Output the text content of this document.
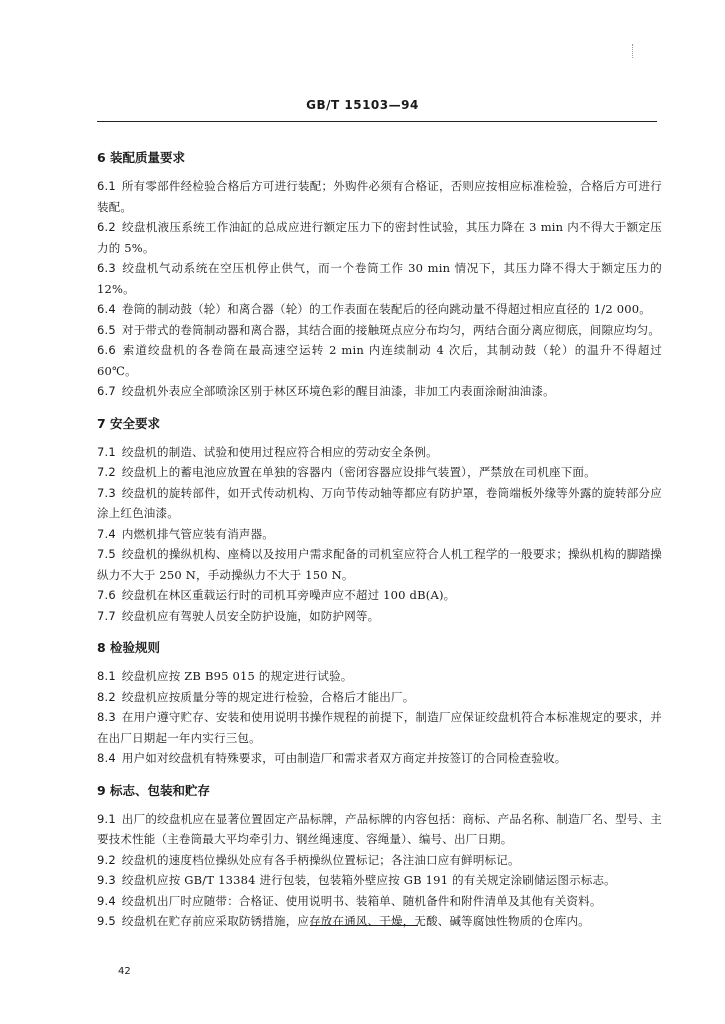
GB/T 15103—94
6 装配质量要求

6.1 所有零部件经检验合格后方可进行装配；外购件必须有合格证，否则应按相应标准检验，合格后方可进行装配。

6.2 绞盘机液压系统工作油缸的总成应进行额定压力下的密封性试验，其压力降在 3 min 内不得大于额定压力的 5%。

6.3 绞盘机气动系统在空压机停止供气，而一个卷筒工作 30 min 情况下，其压力降不得大于额定压力的 12%。

6.4 卷筒的制动鼓（轮）和离合器（轮）的工作表面在装配后的径向跳动量不得超过相应直径的 1/2 000。

6.5 对于带式的卷筒制动器和离合器，其结合面的接触斑点应分布均匀，两结合面分离应彻底，间隙应均匀。

6.6 索道绞盘机的各卷筒在最高速空运转 2 min 内连续制动 4 次后，其制动鼓（轮）的温升不得超过 60℃。

6.7 绞盘机外表应全部喷涂区别于林区环境色彩的醒目油漆，非加工内表面涂耐油油漆。

7 安全要求

7.1 绞盘机的制造、试验和使用过程应符合相应的劳动安全条例。

7.2 绞盘机上的蓄电池应放置在单独的容器内（密闭容器应设排气装置），严禁放在司机座下面。

7.3 绞盘机的旋转部件，如开式传动机构、万向节传动轴等都应有防护罩，卷筒端板外缘等外露的旋转部分应涂上红色油漆。

7.4 内燃机排气管应装有消声器。

7.5 绞盘机的操纵机构、座椅以及按用户需求配备的司机室应符合人机工程学的一般要求；操纵机构的脚踏操纵力不大于 250 N，手动操纵力不大于 150 N。

7.6 绞盘机在林区重载运行时的司机耳旁噪声应不超过 100 dB(A)。

7.7 绞盘机应有驾驶人员安全防护设施，如防护网等。

8 检验规则

8.1 绞盘机应按 ZB B95 015 的规定进行试验。

8.2 绞盘机应按质量分等的规定进行检验，合格后才能出厂。

8.3 在用户遵守贮存、安装和使用说明书操作规程的前提下，制造厂应保证绞盘机符合本标准规定的要求，并在出厂日期起一年内实行三包。

8.4 用户如对绞盘机有特殊要求，可由制造厂和需求者双方商定并按签订的合同检查验收。

9 标志、包装和贮存

9.1 出厂的绞盘机应在显著位置固定产品标牌，产品标牌的内容包括：商标、产品名称、制造厂名、型号、主要技术性能（主卷筒最大平均牵引力、钢丝绳速度、容绳量）、编号、出厂日期。

9.2 绞盘机的速度档位操纵处应有各手柄操纵位置标记；各注油口应有鲜明标记。

9.3 绞盘机应按 GB/T 13384 进行包装，包装箱外壁应按 GB 191 的有关规定涂刷储运图示标志。

9.4 绞盘机出厂时应随带：合格证、使用说明书、装箱单、随机备件和附件清单及其他有关资料。

9.5 绞盘机在贮存前应采取防锈措施，应存放在通风、干燥，无酸、碱等腐蚀性物质的仓库内。

42
